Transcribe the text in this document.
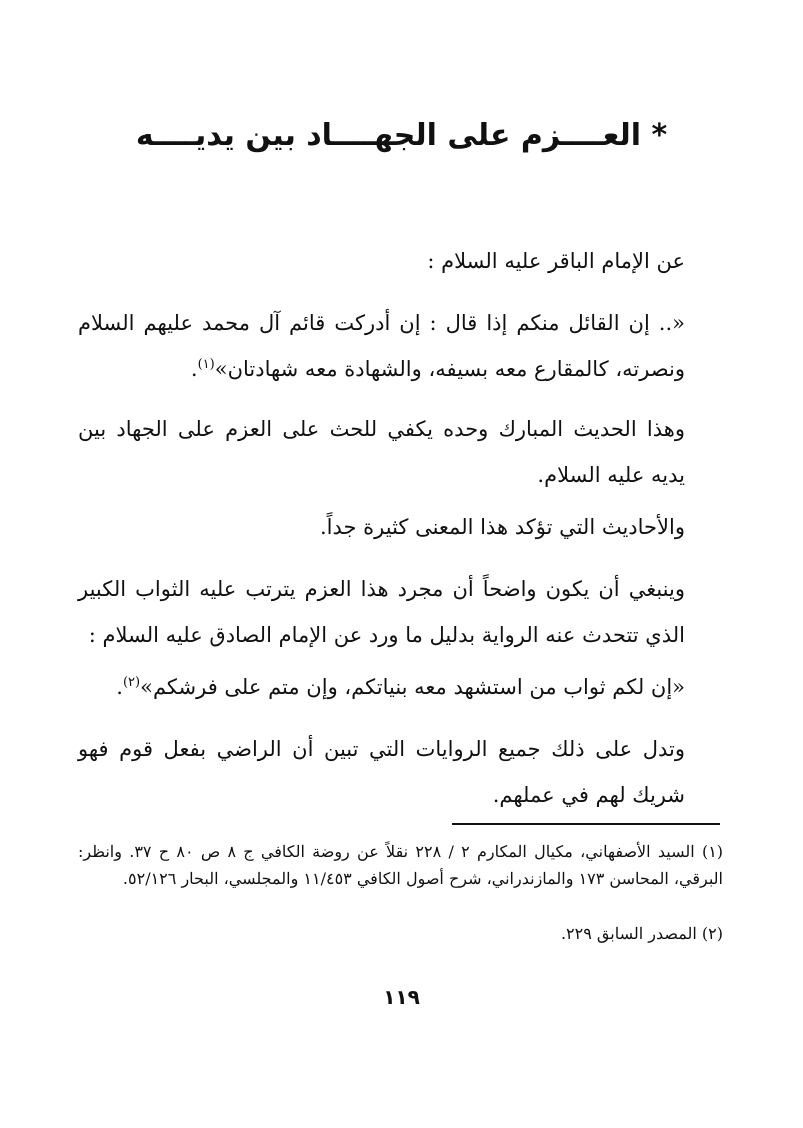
* العــــزم على الجهــــاد بين يديــــه
عن الإمام الباقر عليه السلام :
«.. إن القائل منكم إذا قال : إن أدركت قائم آل محمد عليهم السلام ونصرته، كالمقارع معه بسيفه، والشهادة معه شهادتان»$^{(١)}$.
وهذا الحديث المبارك وحده يكفي للحث على العزم على الجهاد بين يديه عليه السلام.
والأحاديث التي تؤكد هذا المعنى كثيرة جداً.
وينبغي أن يكون واضحاً أن مجرد هذا العزم يترتب عليه الثواب الكبير الذي تتحدث عنه الرواية بدليل ما ورد عن الإمام الصادق عليه السلام :
«إن لكم ثواب من استشهد معه بنياتكم، وإن متم على فرشكم»$^{(٢)}$.
وتدل على ذلك جميع الروايات التي تبين أن الراضي بفعل قوم فهو شريك لهم في عملهم.
(١) السيد الأصفهاني، مكيال المكارم ٢ / ٢٢٨ نقلاً عن روضة الكافي ج ٨ ص ٨٠ ح ٣٧. وانظر: البرقي، المحاسن ١٧٣ والمازندراني، شرح أصول الكافي ١١/٤٥٣ والمجلسي، البحار ٥٢/١٢٦.
(٢) المصدر السابق ٢٢٩.
١١٩
